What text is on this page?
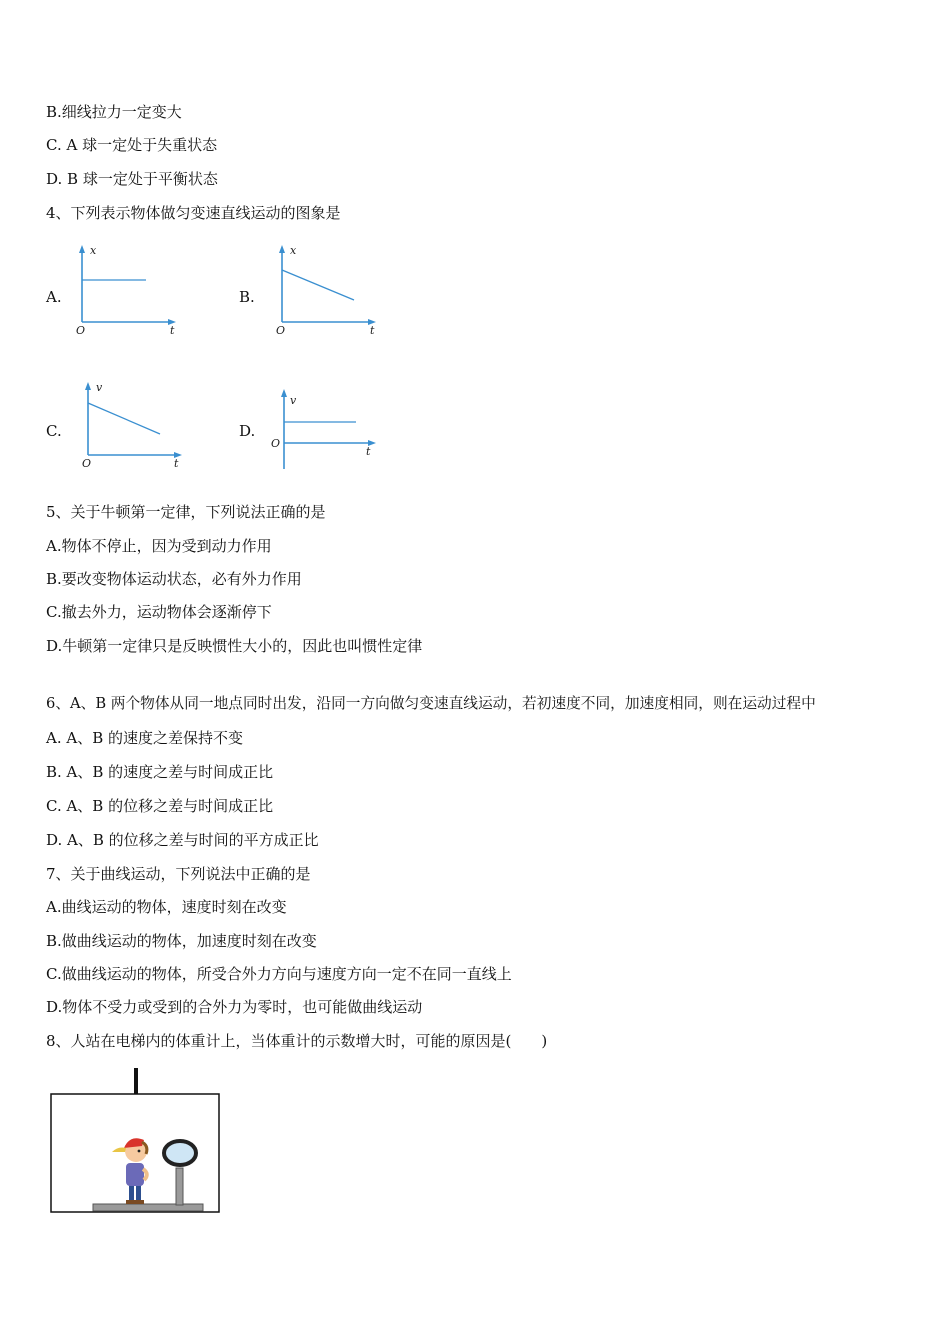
B.细线拉力一定变大
C. A 球一定处于失重状态
D. B 球一定处于平衡状态
4、下列表示物体做匀变速直线运动的图象是
A.
x
t
O
B.
x
t
O
C.
v
t
O
D.
v
t
O
5、关于牛顿第一定律，下列说法正确的是
A.物体不停止，因为受到动力作用
B.要改变物体运动状态，必有外力作用
C.撤去外力，运动物体会逐渐停下
D.牛顿第一定律只是反映惯性大小的，因此也叫惯性定律
6、A、B 两个物体从同一地点同时出发，沿同一方向做匀变速直线运动，若初速度不同，加速度相同，则在运动过程中
A. A、B 的速度之差保持不变
B. A、B 的速度之差与时间成正比
C. A、B 的位移之差与时间成正比
D. A、B 的位移之差与时间的平方成正比
7、关于曲线运动，下列说法中正确的是
A.曲线运动的物体，速度时刻在改变
B.做曲线运动的物体，加速度时刻在改变
C.做曲线运动的物体，所受合外力方向与速度方向一定不在同一直线上
D.物体不受力或受到的合外力为零时，也可能做曲线运动
8、人站在电梯内的体重计上，当体重计的示数增大时，可能的原因是(　　)
